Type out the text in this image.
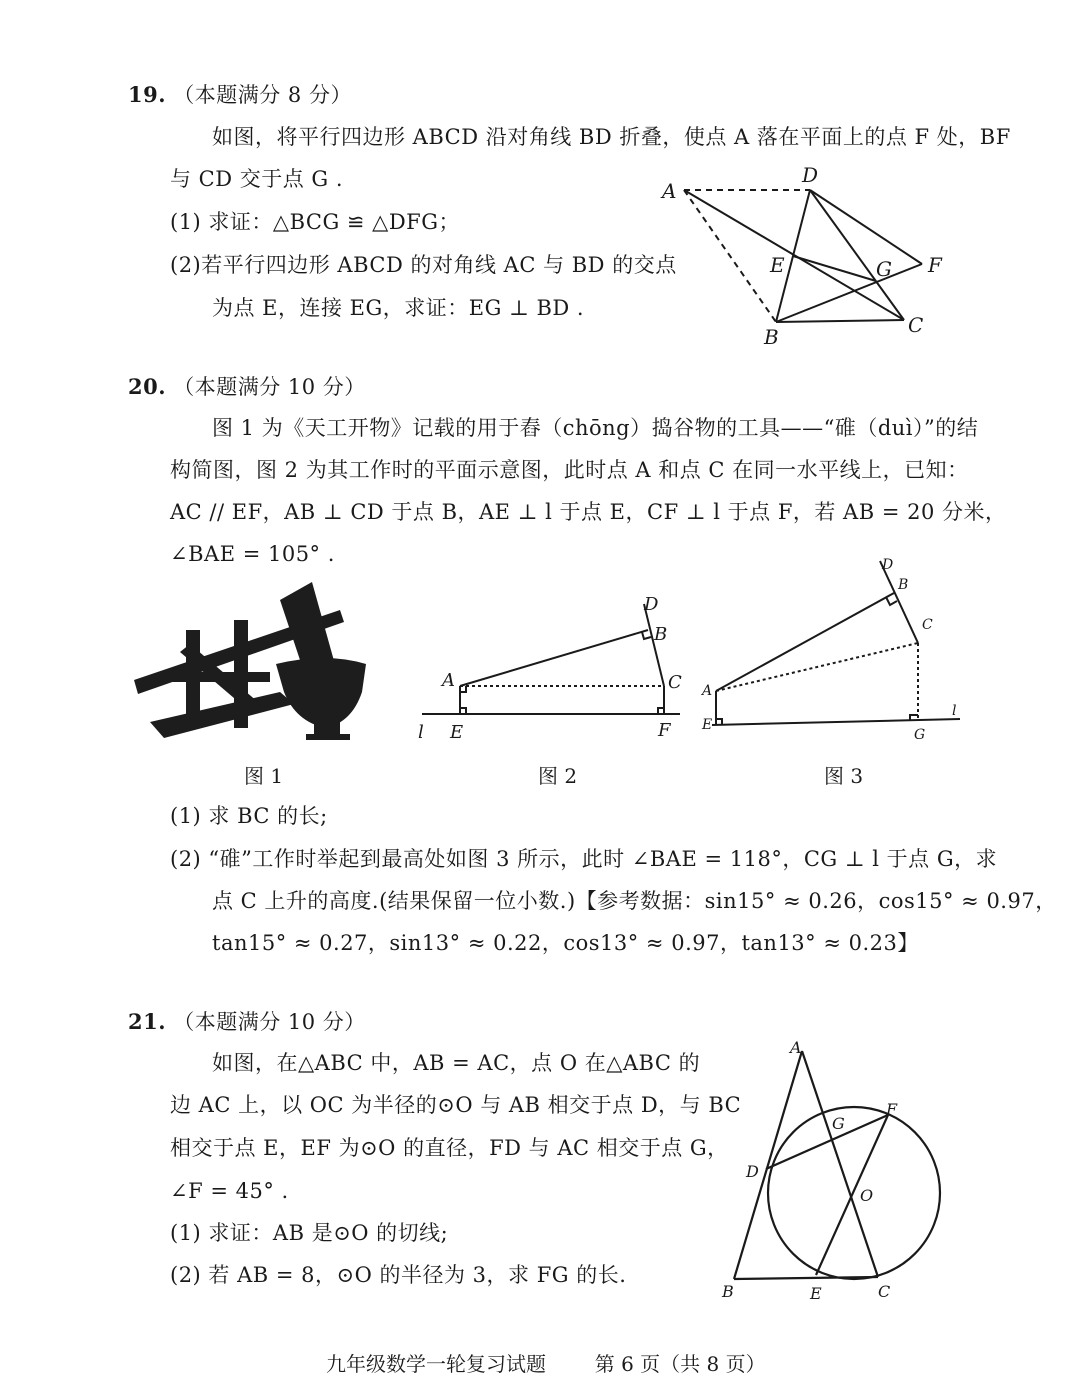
19. （本题满分 8 分）
如图，将平行四边形 ABCD 沿对角线 BD 折叠，使点 A 落在平面上的点 F 处，BF
与 CD 交于点 G .
(1) 求证：△BCG ≌ △DFG；
(2)若平行四边形 ABCD 的对角线 AC 与 BD 的交点
为点 E，连接 EG，求证：EG ⊥ BD .
A
D
E	G F
B	C
20. （本题满分 10 分）
图 1 为《天工开物》记载的用于舂（chōng）捣谷物的工具——“碓（duì）”的结
构简图，图 2 为其工作时的平面示意图，此时点 A 和点 C 在同一水平线上，已知：
AC // EF，AB ⊥ CD 于点 B，AE ⊥ l 于点 E，CF ⊥ l 于点 F，若 AB = 20 分米，
∠BAE = 105° .
图 1
D
B
A	C
l E	F
图 2
D
B
C
A
E
G
l
图 3
(1) 求 BC 的长;
(2) “碓”工作时举起到最高处如图 3 所示，此时 ∠BAE = 118°，CG ⊥ l 于点 G，求
点 C 上升的高度.(结果保留一位小数.)【参考数据：sin15° ≈ 0.26，cos15° ≈ 0.97，
tan15° ≈ 0.27，sin13° ≈ 0.22，cos13° ≈ 0.97，tan13° ≈ 0.23】
21. （本题满分 10 分）
如图，在△ABC 中，AB = AC，点 O 在△ABC 的
边 AC 上，以 OC 为半径的⊙O 与 AB 相交于点 D，与 BC
相交于点 E，EF 为⊙O 的直径，FD 与 AC 相交于点 G，
∠F = 45° .
(1) 求证：AB 是⊙O 的切线;
(2) 若 AB = 8，⊙O 的半径为 3，求 FG 的长.
A
F
G
D
O
B	E	C
九年级数学一轮复习试题 第 6 页（共 8 页）
